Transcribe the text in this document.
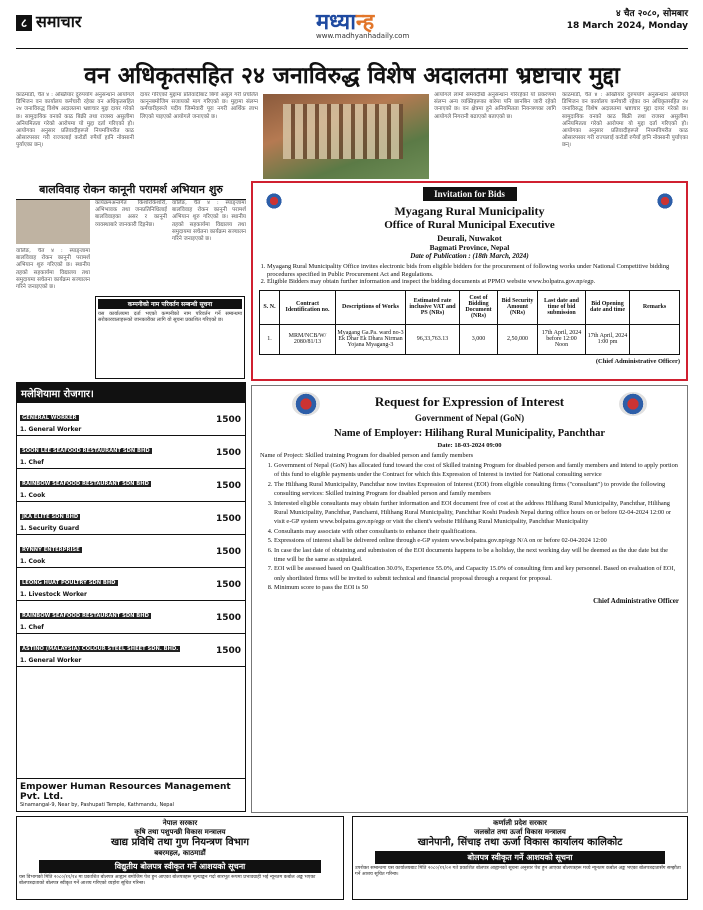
८ समाचार	मध्यान्ह
www.madhyanhadaily.com
४ चैत २०८०, सोमबार
18 March 2024, Monday
वन अधिकृतसहित २४ जनाविरुद्ध विशेष अदालतमा भ्रष्टाचार मुद्दा
काठमाडौं, चैत ४ : अख्तियार दुरुपयोग अनुसन्धान आयोगले डिभिजन वन कार्यालय कर्मचारी रहेका वन अधिकृतसहित २४ जनाविरुद्ध विशेष अदालतमा भ्रष्टाचार मुद्दा दायर गरेको छ। सामुदायिक वनको काठ बिक्री तथा राजस्व असुलीमा अनियमितता गरेको आरोपमा यो मुद्दा दर्ता गरिएको हो। आयोगका अनुसार प्रतिवादीहरूले नियमविपरीत काठ ओसारपसार गरी राज्यलाई करोडौं रुपैयाँ हानि नोक्सानी पुर्याएका छन्।
दायर गरिएको मुद्दामा प्रतिवादीबाट बिगो असुल गरी प्रचलित कानूनबमोजिम सजायको माग गरिएको छ। मुद्दामा संलग्न कर्मचारीहरूले पदीय जिम्मेवारी पूरा नगरी आर्थिक लाभ लिएको पाइएको आयोगले जनाएको छ।
आयोगले लामो समयदेखि अनुसन्धान गरिरहेको यो प्रकरणमा संलग्न अन्य व्यक्तिहरूका बारेमा पनि छानबिन जारी रहेको जनाएको छ। वन क्षेत्रमा हुने अनियमितता नियन्त्रणका लागि आयोगले निगरानी बढाएको बताएको छ।
काठमाडौं, चैत ४ : अख्तियार दुरुपयोग अनुसन्धान आयोगले डिभिजन वन कार्यालय कर्मचारी रहेका वन अधिकृतसहित २४ जनाविरुद्ध विशेष अदालतमा भ्रष्टाचार मुद्दा दायर गरेको छ। सामुदायिक वनको काठ बिक्री तथा राजस्व असुलीमा अनियमितता गरेको आरोपमा यो मुद्दा दर्ता गरिएको हो। आयोगका अनुसार प्रतिवादीहरूले नियमविपरीत काठ ओसारपसार गरी राज्यलाई करोडौं रुपैयाँ हानि नोक्सानी पुर्याएका छन्।
बालविवाह रोकन कानूनी परामर्श अभियान शुरु
वालिङ, चैत ४ : स्याङ्जामा बालविवाह रोकन कानूनी परामर्श अभियान शुरु गरिएको छ। स्थानीय तहको सहकार्यमा विद्यालय तथा समुदायमा सचेतना कार्यक्रम सञ्चालन गरिने जनाइएको छ।
कार्यक्रमअन्तर्गत किशोरकिशोरी, अभिभावक तथा जनप्रतिनिधिलाई बालविवाहका असर र कानूनी व्यवस्थाबारे जानकारी दिइनेछ।
वालिङ, चैत ४ : स्याङ्जामा बालविवाह रोकन कानूनी परामर्श अभियान शुरु गरिएको छ। स्थानीय तहको सहकार्यमा विद्यालय तथा समुदायमा सचेतना कार्यक्रम सञ्चालन गरिने जनाइएको छ।
कम्पनीको नाम परिवर्तन सम्बन्धी सूचना
यस कार्यालयमा दर्ता भएको कम्पनीको नाम परिवर्तन गर्ने सम्बन्धमा सरोकारवालाहरूको जानकारीका लागि यो सूचना प्रकाशित गरिएको छ।
Invitation for Bids
Myagang Rural Municipality
Office of Rural Municipal Executive
Deurali, Nuwakot
Bagmati Province, Nepal
Date of Publication : (18th March, 2024)
1. Myagang Rural Municipality Office invites electronic bids from eligible bidders for the procurement of following works under National Competitive bidding procedures specified in Public Procurement Act and Regulations.
2. Eligible Bidders may obtain further information and inspect the bidding documents at PPMO website www.bolpatra.gov.np/egp.
S. N.	Contract Identification no.	Descriptions of Works	Estimated rate inclusive VAT and PS (NRs)	Cost of Bidding Document (NRs)	Bid Security Amount (NRs)	Last date and time of bid submission	Bid Opening date and time	Remarks
1.	MRM/NCB/W/ 2080/81/13	Myagang Ga.Pa. ward no-3 Ek Dhar Ek Dhara Nirman Yojana Myagang-3	96,33,763.13	3,000	2,50,000	17th April, 2024 before 12:00 Noon	17th April, 2024 1:00 pm	
(Chief Administrative Officer)
Request for Expression of Interest
Government of Nepal (GoN)
Name of Employer: Hilihang Rural Municipality, Panchthar
Date: 18-03-2024 09:00
Name of Project: Skilled training Program for disabled person and family members
1. Government of Nepal (GoN) has allocated fund toward the cost of Skilled training Program for disabled person and family members and intend to apply portion of this fund to eligible payments under the Contract for which this Expression of Interest is invited for National consulting service
2. The Hilihang Rural Municipality, Panchthar now invites Expression of Interest (EOI) from eligible consulting firms ("consultant") to provide the following consulting services: Skilled training Program for disabled person and family members
3. Interested eligible consultants may obtain further information and EOI document free of cost at the address Hilihang Rural Municipality, Panchthar, Hilihang Rural Municipality, Panchthar, Panchami, Hilihang Rural Municipality, Panchthar Koshi Pradesh Nepal during office hours on or before 02-04-2024 12:00 or visit e-GP system www.bolpatra.gov.np/egp or visit the client's website Hilihang Rural Municipality, Panchthar Municipality
4. Consultants may associate with other consultants to enhance their qualifications.
5. Expressions of interest shall be delivered online through e-GP system www.bolpatra.gov.np/egp N/A on or before 02-04-2024 12:00
6. In case the last date of obtaining and submission of the EOI documents happens to be a holiday, the next working day will be deemed as the due date but the time will be the same as stipulated.
7. EOI will be assessed based on Qualification 30.0%, Experience 55.0%, and Capacity 15.0% of consulting firm and key personnel. Based on evaluation of EOI, only shortlisted firms will be invited to submit technical and financial proposal through a request for proposal.
8. Minimum score to pass the EOI is 50
Chief Administrative Officer
मलेशियामा रोजगार।
GENERAL WORKER
1. General Worker
1500
SOON LEE SEAFOOD RESTAURANT SDN BHD
1. Chef
1500
RAINBOW SEAFOOD RESTAURANT SDN BHD
1. Cook
1500
JKA ELITE SDN BHD
1. Security Guard
1500
RYNNY ENTERPRISE
1. Cook
1500
LEONG HUAT POULTRY SDN BHD
1. Livestock Worker
1500
RAINBOW SEAFOOD RESTAURANT SDN BHD
1. Chef
1500
ASTINO (MALAYSIA) COLOUR STEEL SHEET SDN. BHD.
1. General Worker
1500
Empower Human Resources Management Pvt. Ltd.
Sinamangal-9, Near by, Pashupati Temple, Kathmandu, Nepal
नेपाल सरकार
कृषि तथा पशुपन्छी विकास मन्त्रालय
खाद्य प्रविधि तथा गुण नियन्त्रण विभाग
बबरमहल, काठमाडौं
विद्युतीय बोलपत्र स्वीकृत गर्ने आशयको सूचना
यस विभागको मिति २०८०/११/१४ मा प्रकाशित बोलपत्र आह्वान बमोजिम पेश हुन आएका बोलपत्रहरू मूल्याङ्कन गर्दा सारभूत रूपमा प्रभावग्राही भई न्यूनतम कबोल अङ्क भएका बोलपत्रदाताको बोलपत्र स्वीकृत गर्ने आशय गरिएको व्यहोरा सूचित गरिन्छ।
कर्णाली प्रदेश सरकार
जलस्रोत तथा ऊर्जा विकास मन्त्रालय
खानेपानी, सिंचाइ तथा ऊर्जा विकास कार्यालय कालिकोट
बोलपत्र स्वीकृत गर्ने आशयको सूचना
उपरोक्त सम्बन्धमा यस कार्यालयबाट मिति २०८०/११/०२ गते प्रकाशित बोलपत्र आह्वानको सूचना अनुसार पेश हुन आएका बोलपत्रहरू मध्ये न्यूनतम कबोल अङ्क भएका बोलपत्रदातासँग सम्झौता गर्ने आशय सूचित गरिन्छ।
